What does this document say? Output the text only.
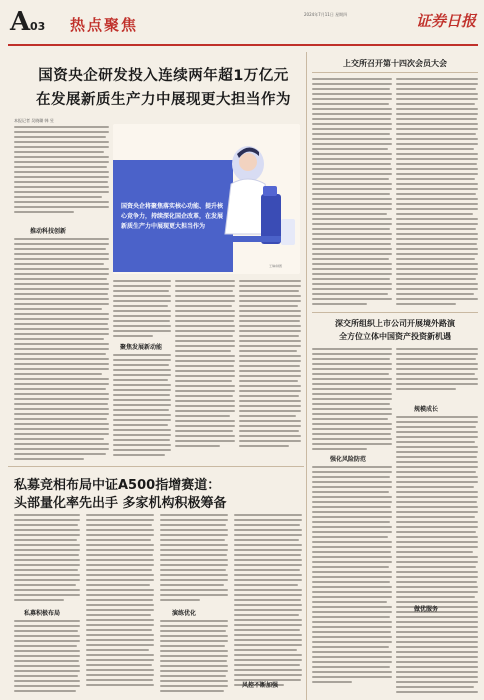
A 03 热点聚焦
2024年7月11日 星期四	证券日报
国资央企研发投入连续两年超1万亿元
在发展新质生产力中展现更大担当作为
本报记者 吴晓璐 韩 昱
国资央企将聚焦落实核心功能、提升核心竞争力，持续深化国企改革，在发展新质生产力中展现更大担当作为
王琳/制图
推动科技创新
聚焦发展新动能
上交所召开第十四次会员大会
深交所组织上市公司开展境外路演
全方位立体中国资产投资新机遇
强化风险防范
规模成长
做优服务
私募竞相布局中证A500指增赛道：
头部量化率先出手 多家机构积极筹备
私募积极布局	演练优化
风控不断加强
